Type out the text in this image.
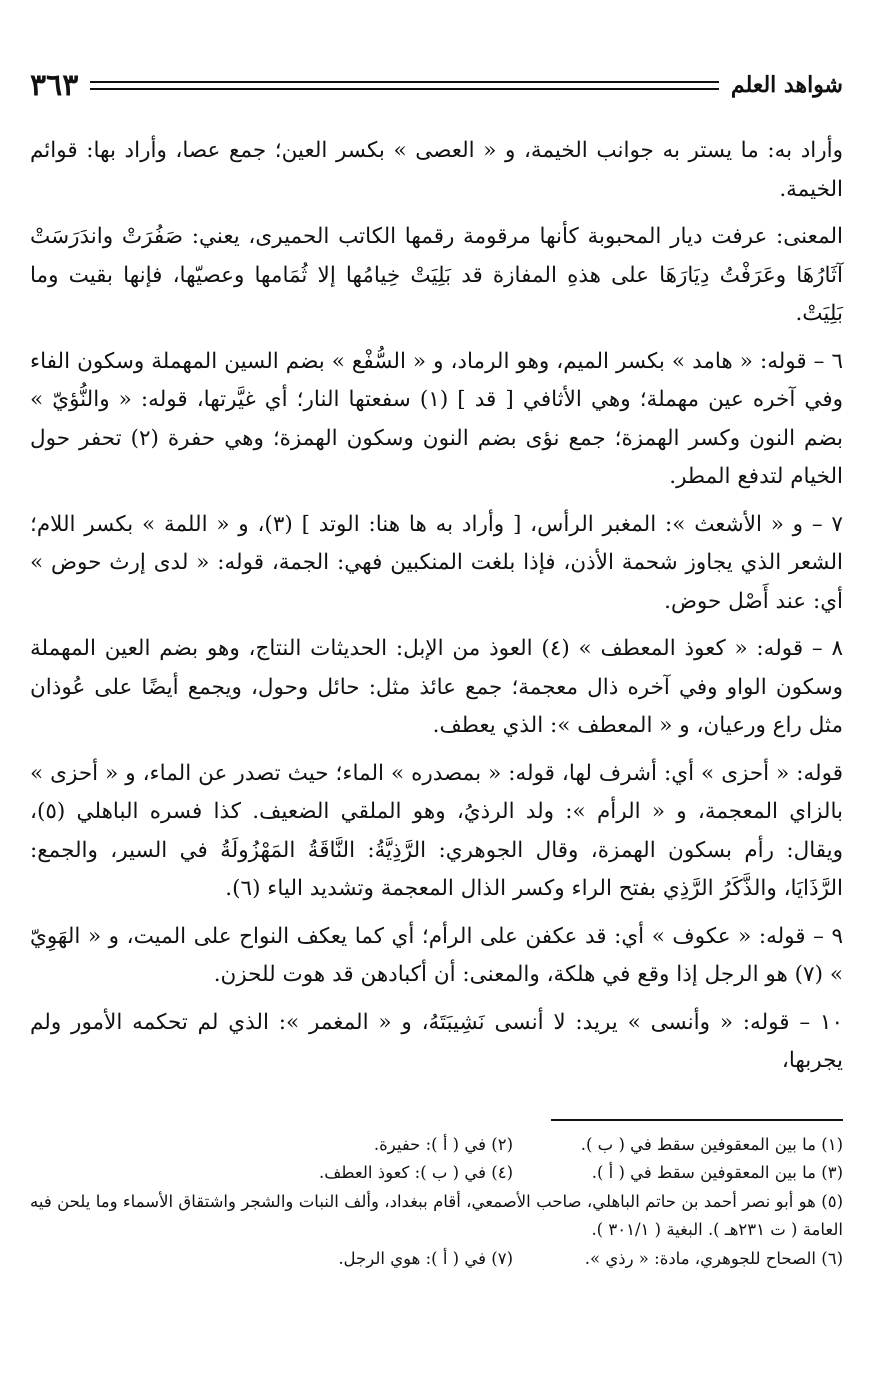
شواهد العلم
٣٦٣

وأراد به: ما يستر به جوانب الخيمة، و « العصى » بكسر العين؛ جمع عصا، وأراد بها: قوائم الخيمة.

المعنى: عرفت ديار المحبوبة كأنها مرقومة رقمها الكاتب الحميرى، يعني: صَفُرَتْ واندَرَسَتْ آثَارُهَا وعَرَفْتُ دِيَارَهَا على هذهِ المفازة قد بَلِيَتْ خِيامُها إلا ثُمَامها وعصيّها، فإنها بقيت وما بَلِيَتْ.

٦ – قوله: « هامد » بكسر الميم، وهو الرماد، و « السُّفْع » بضم السين المهملة وسكون الفاء وفي آخره عين مهملة؛ وهي الأثافي [ قد ] (١) سفعتها النار؛ أي غيَّرتها، قوله: « والنُّؤيّ » بضم النون وكسر الهمزة؛ جمع نؤى بضم النون وسكون الهمزة؛ وهي حفرة (٢) تحفر حول الخيام لتدفع المطر.

٧ – و « الأشعث »: المغبر الرأس، [ وأراد به ها هنا: الوتد ] (٣)، و « اللمة » بكسر اللام؛ الشعر الذي يجاوز شحمة الأذن، فإذا بلغت المنكبين فهي: الجمة، قوله: « لدى إرث حوض » أي: عند أَصْل حوض.

٨ – قوله: « كعوذ المعطف » (٤) العوذ من الإبل: الحديثات النتاج، وهو بضم العين المهملة وسكون الواو وفي آخره ذال معجمة؛ جمع عائذ مثل: حائل وحول، ويجمع أيضًا على عُوذان مثل راع ورعيان، و « المعطف »: الذي يعطف.

قوله: « أحزى » أي: أشرف لها، قوله: « بمصدره » الماء؛ حيث تصدر عن الماء، و « أحزى » بالزاي المعجمة، و « الرأم »: ولد الرذيُ، وهو الملقي الضعيف. كذا فسره الباهلي (٥)، ويقال: رأم بسكون الهمزة، وقال الجوهري: الرَّذِيَّةُ: النَّاقَةُ المَهْزُولَةُ في السير، والجمع: الرَّذَايَا، والذَّكَرُ الرَّذِي بفتح الراء وكسر الذال المعجمة وتشديد الياء (٦).

٩ – قوله: « عكوف » أي: قد عكفن على الرأم؛ أي كما يعكف النواح على الميت، و « الهَوِيّ » (٧) هو الرجل إذا وقع في هلكة، والمعنى: أن أكبادهن قد هوت للحزن.

١٠ – قوله: « وأنسى » يريد: لا أنسى نَشِيبَتَهُ، و « المغمر »: الذي لم تحكمه الأمور ولم يجربها،

(١) ما بين المعقوفين سقط في ( ب ).
(٢) في ( أ ): حفيرة.
(٣) ما بين المعقوفين سقط في ( أ ).
(٤) في ( ب ): كعوذ العطف.
(٥) هو أبو نصر أحمد بن حاتم الباهلي، صاحب الأصمعي، أقام ببغداد، وألف النبات والشجر واشتقاق الأسماء وما يلحن فيه العامة ( ت ٢٣١هـ ). البغية ( ٣٠١/١ ).
(٦) الصحاح للجوهري، مادة: « رذي ».
(٧) في ( أ ): هوي الرجل.
